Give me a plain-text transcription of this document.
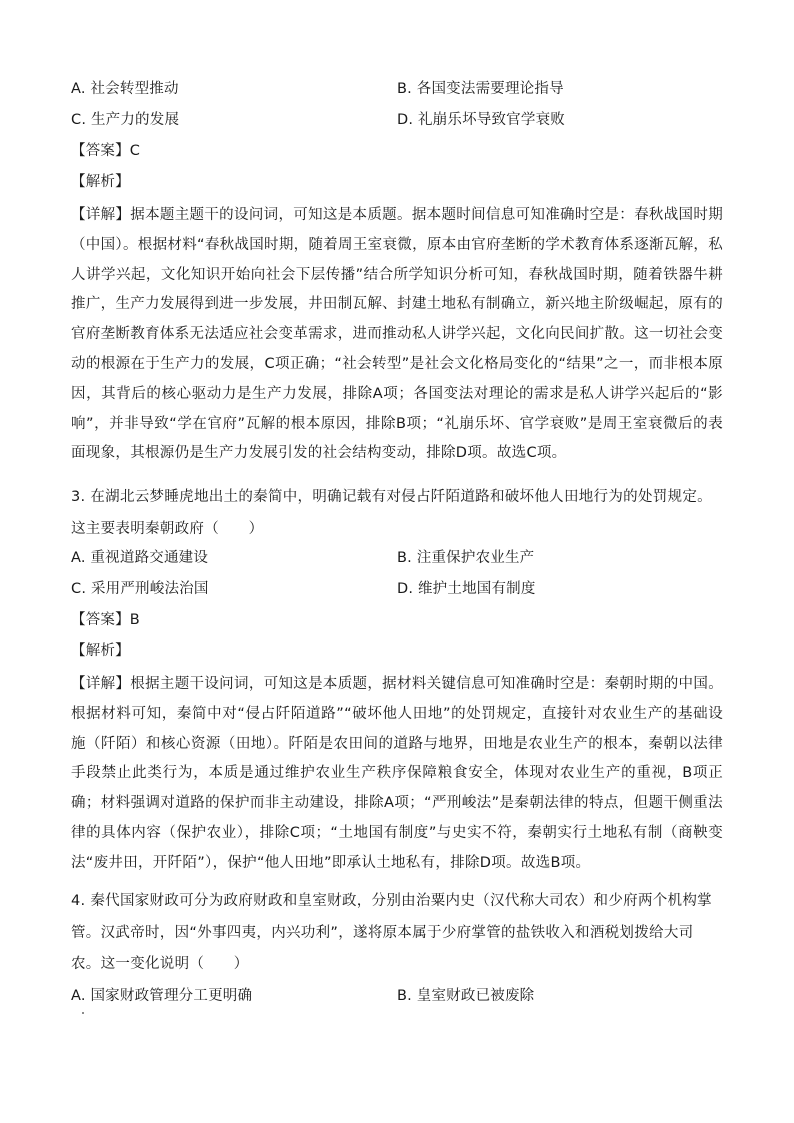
A. 社会转型推动	B. 各国变法需要理论指导
C. 生产力的发展	D. 礼崩乐坏导致官学衰败
【答案】C
【解析】
【详解】据本题主题干的设问词，可知这是本质题。据本题时间信息可知准确时空是：春秋战国时期（中国）。根据材料“春秋战国时期，随着周王室衰微，原本由官府垄断的学术教育体系逐渐瓦解，私人讲学兴起，文化知识开始向社会下层传播”结合所学知识分析可知，春秋战国时期，随着铁器牛耕推广，生产力发展得到进一步发展，井田制瓦解、封建土地私有制确立，新兴地主阶级崛起，原有的官府垄断教育体系无法适应社会变革需求，进而推动私人讲学兴起，文化向民间扩散。这一切社会变动的根源在于生产力的发展，C项正确；“社会转型”是社会文化格局变化的“结果”之一，而非根本原因，其背后的核心驱动力是生产力发展，排除A项；各国变法对理论的需求是私人讲学兴起后的“影响”，并非导致“学在官府”瓦解的根本原因，排除B项；“礼崩乐坏、官学衰败”是周王室衰微后的表面现象，其根源仍是生产力发展引发的社会结构变动，排除D项。故选C项。
3. 在湖北云梦睡虎地出土的秦简中，明确记载有对侵占阡陌道路和破坏他人田地行为的处罚规定。这主要表明秦朝政府（　　）
A. 重视道路交通建设	B. 注重保护农业生产
C. 采用严刑峻法治国	D. 维护土地国有制度
【答案】B
【解析】
【详解】根据主题干设问词，可知这是本质题，据材料关键信息可知准确时空是：秦朝时期的中国。根据材料可知，秦简中对“侵占阡陌道路”“破坏他人田地”的处罚规定，直接针对农业生产的基础设施（阡陌）和核心资源（田地）。阡陌是农田间的道路与地界，田地是农业生产的根本，秦朝以法律手段禁止此类行为，本质是通过维护农业生产秩序保障粮食安全，体现对农业生产的重视，B项正确；材料强调对道路的保护而非主动建设，排除A项；“严刑峻法”是秦朝法律的特点，但题干侧重法律的具体内容（保护农业），排除C项；“土地国有制度”与史实不符，秦朝实行土地私有制（商鞅变法“废井田，开阡陌”），保护“他人田地”即承认土地私有，排除D项。故选B项。
4. 秦代国家财政可分为政府财政和皇室财政，分别由治粟内史（汉代称大司农）和少府两个机构掌管。汉武帝时，因“外事四夷，内兴功利”，遂将原本属于少府掌管的盐铁收入和酒税划拨给大司农。这一变化说明（　　）
A. 国家财政管理分工更明确	B. 皇室财政已被废除
